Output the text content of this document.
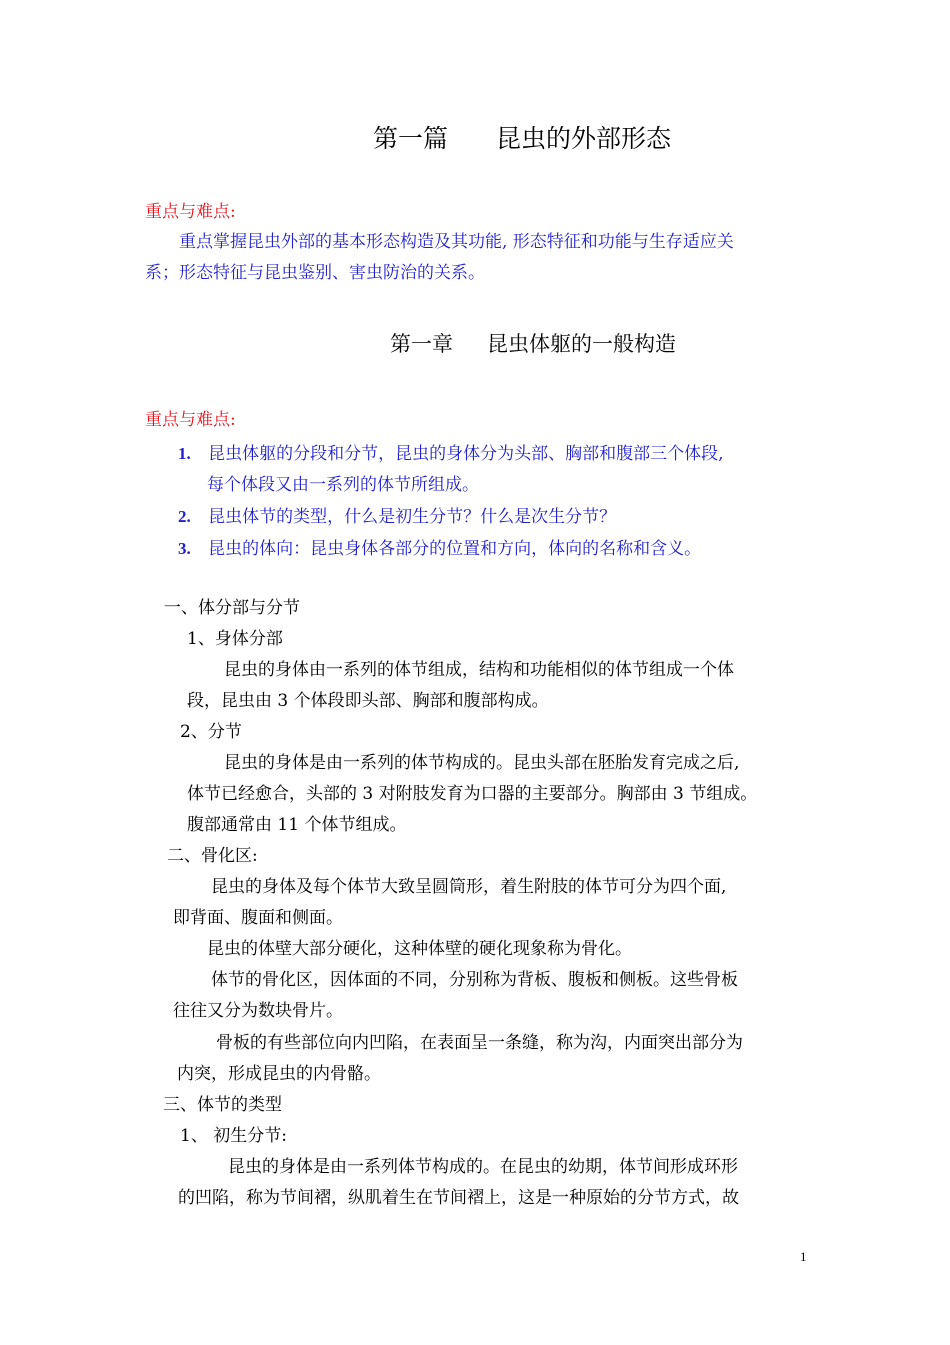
第一篇 昆虫的外部形态
重点与难点:
重点掌握昆虫外部的基本形态构造及其功能, 形态特征和功能与生存适应关
系；形态特征与昆虫鉴别、害虫防治的关系。
第一章 昆虫体躯的一般构造
重点与难点:
1. 昆虫体躯的分段和分节，昆虫的身体分为头部、胸部和腹部三个体段,
每个体段又由一系列的体节所组成。
2. 昆虫体节的类型，什么是初生分节？什么是次生分节？
3. 昆虫的体向：昆虫身体各部分的位置和方向，体向的名称和含义。
一、体分部与分节
1、身体分部
昆虫的身体由一系列的体节组成，结构和功能相似的体节组成一个体
段，昆虫由 3 个体段即头部、胸部和腹部构成。
2、分节
昆虫的身体是由一系列的体节构成的。昆虫头部在胚胎发育完成之后,
体节已经愈合，头部的 3 对附肢发育为口器的主要部分。胸部由 3 节组成。
腹部通常由 11 个体节组成。
二、骨化区:
昆虫的身体及每个体节大致呈圆筒形，着生附肢的体节可分为四个面,
即背面、腹面和侧面。
昆虫的体壁大部分硬化，这种体壁的硬化现象称为骨化。
体节的骨化区，因体面的不同，分别称为背板、腹板和侧板。这些骨板
往往又分为数块骨片。
骨板的有些部位向内凹陷，在表面呈一条缝，称为沟，内面突出部分为
内突，形成昆虫的内骨骼。
三、体节的类型
1、 初生分节:
昆虫的身体是由一系列体节构成的。在昆虫的幼期，体节间形成环形
的凹陷，称为节间褶，纵肌着生在节间褶上，这是一种原始的分节方式，故
1
